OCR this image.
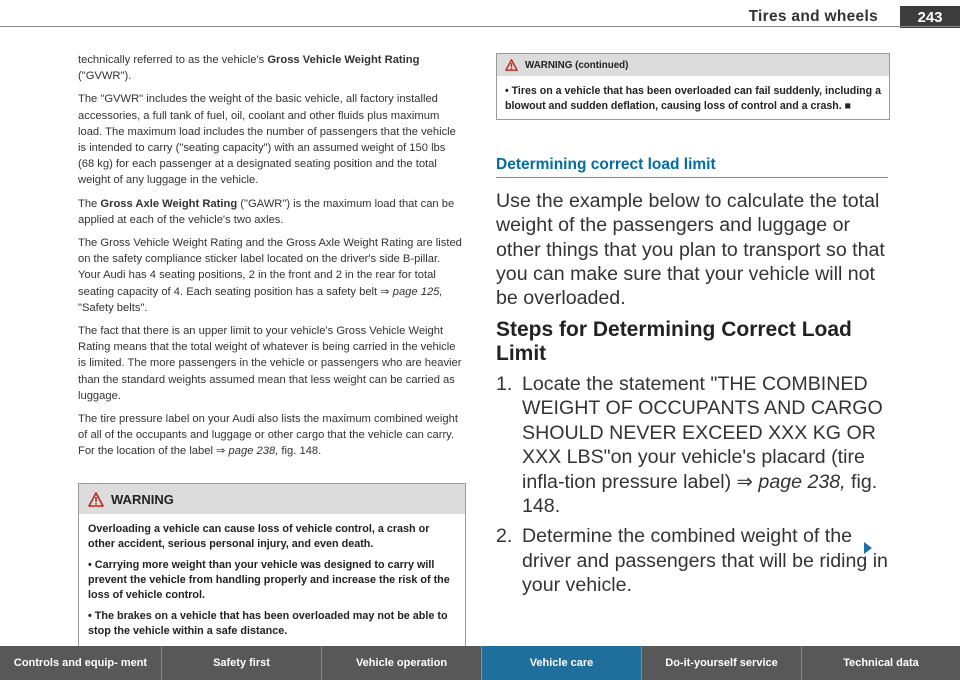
Tires and wheels	243

technically referred to as the vehicle's Gross Vehicle Weight Rating ("GVWR").

The "GVWR" includes the weight of the basic vehicle, all factory installed accessories, a full tank of fuel, oil, coolant and other fluids plus maximum load. The maximum load includes the number of passengers that the vehicle is intended to carry ("seating capacity") with an assumed weight of 150 lbs (68 kg) for each passenger at a designated seating position and the total weight of any luggage in the vehicle.

The Gross Axle Weight Rating ("GAWR") is the maximum load that can be applied at each of the vehicle's two axles.

The Gross Vehicle Weight Rating and the Gross Axle Weight Rating are listed on the safety compliance sticker label located on the driver's side B-pillar. Your Audi has 4 seating positions, 2 in the front and 2 in the rear for total seating capacity of 4. Each seating position has a safety belt ⇒ page 125, "Safety belts".

The fact that there is an upper limit to your vehicle's Gross Vehicle Weight Rating means that the total weight of whatever is being carried in the vehicle is limited. The more passengers in the vehicle or passengers who are heavier than the standard weights assumed mean that less weight can be carried as luggage.

The tire pressure label on your Audi also lists the maximum combined weight of all of the occupants and luggage or other cargo that the vehicle can carry. For the location of the label ⇒ page 238, fig. 148.

WARNING

Overloading a vehicle can cause loss of vehicle control, a crash or other accident, serious personal injury, and even death.

• Carrying more weight than your vehicle was designed to carry will prevent the vehicle from handling properly and increase the risk of the loss of vehicle control.

• The brakes on a vehicle that has been overloaded may not be able to stop the vehicle within a safe distance.

WARNING (continued)

• Tires on a vehicle that has been overloaded can fail suddenly, including a blowout and sudden deflation, causing loss of control and a crash. ■

Determining correct load limit

Use the example below to calculate the total weight of the passengers and luggage or other things that you plan to transport so that you can make sure that your vehicle will not be overloaded.

Steps for Determining Correct Load Limit
1. Locate the statement "THE COMBINED WEIGHT OF OCCUPANTS AND CARGO SHOULD NEVER EXCEED XXX KG OR XXX LBS"on your vehicle's placard (tire infla-tion pressure label) ⇒ page 238, fig. 148.
2. Determine the combined weight of the driver and passengers that will be riding in your vehicle.
Controls and equip- ment	Safety first	Vehicle operation	Vehicle care	Do-it-yourself service	Technical data
